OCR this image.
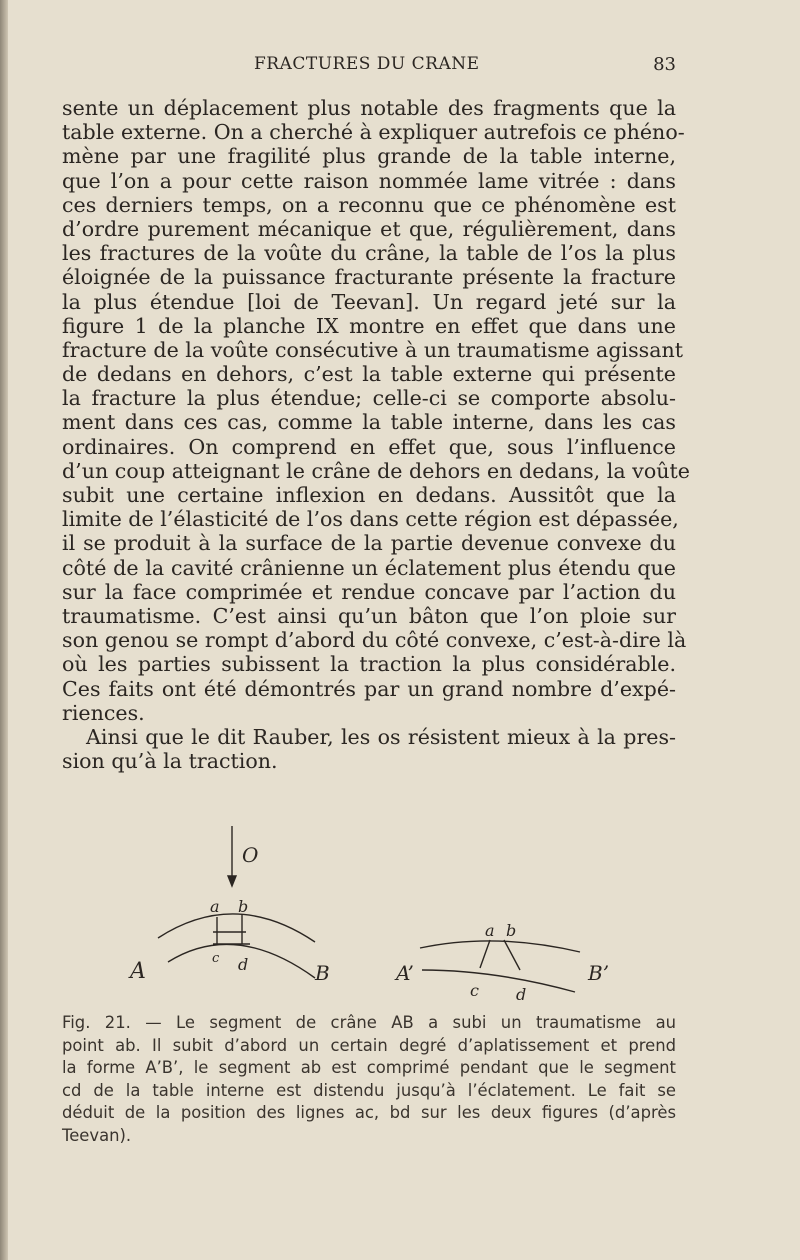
FRACTURES DU CRANE	83
sente un déplacement plus notable des fragments que la
table externe. On a cherché à expliquer autrefois ce phéno-
mène par une fragilité plus grande de la table interne,
que l’on a pour cette raison nommée lame vitrée : dans
ces derniers temps, on a reconnu que ce phénomène est
d’ordre purement mécanique et que, régulièrement, dans
les fractures de la voûte du crâne, la table de l’os la plus
éloignée de la puissance fracturante présente la fracture
la plus étendue [loi de Teevan]. Un regard jeté sur la
figure 1 de la planche IX montre en effet que dans une
fracture de la voûte consécutive à un traumatisme agissant
de dedans en dehors, c’est la table externe qui présente
la fracture la plus étendue; celle-ci se comporte absolu-
ment dans ces cas, comme la table interne, dans les cas
ordinaires. On comprend en effet que, sous l’influence
d’un coup atteignant le crâne de dehors en dedans, la voûte
subit une certaine inflexion en dedans. Aussitôt que la
limite de l’élasticité de l’os dans cette région est dépassée,
il se produit à la surface de la partie devenue convexe du
côté de la cavité crânienne un éclatement plus étendu que
sur la face comprimée et rendue concave par l’action du
traumatisme. C’est ainsi qu’un bâton que l’on ploie sur
son genou se rompt d’abord du côté convexe, c’est-à-dire là
où les parties subissent la traction la plus considérable.
Ces faits ont été démontrés par un grand nombre d’expé-
riences.
Ainsi que le dit Rauber, les os résistent mieux à la pres-
sion qu’à la traction.
O
a b
c d
A	B
a b
c d
A’	B’
Fig. 21. — Le segment de crâne AB a subi un traumatisme au
point ab. Il subit d’abord un certain degré d’aplatissement et prend
la forme A’B’, le segment ab est comprimé pendant que le segment
cd de la table interne est distendu jusqu’à l’éclatement. Le fait se
déduit de la position des lignes ac, bd sur les deux figures (d’après
Teevan).
